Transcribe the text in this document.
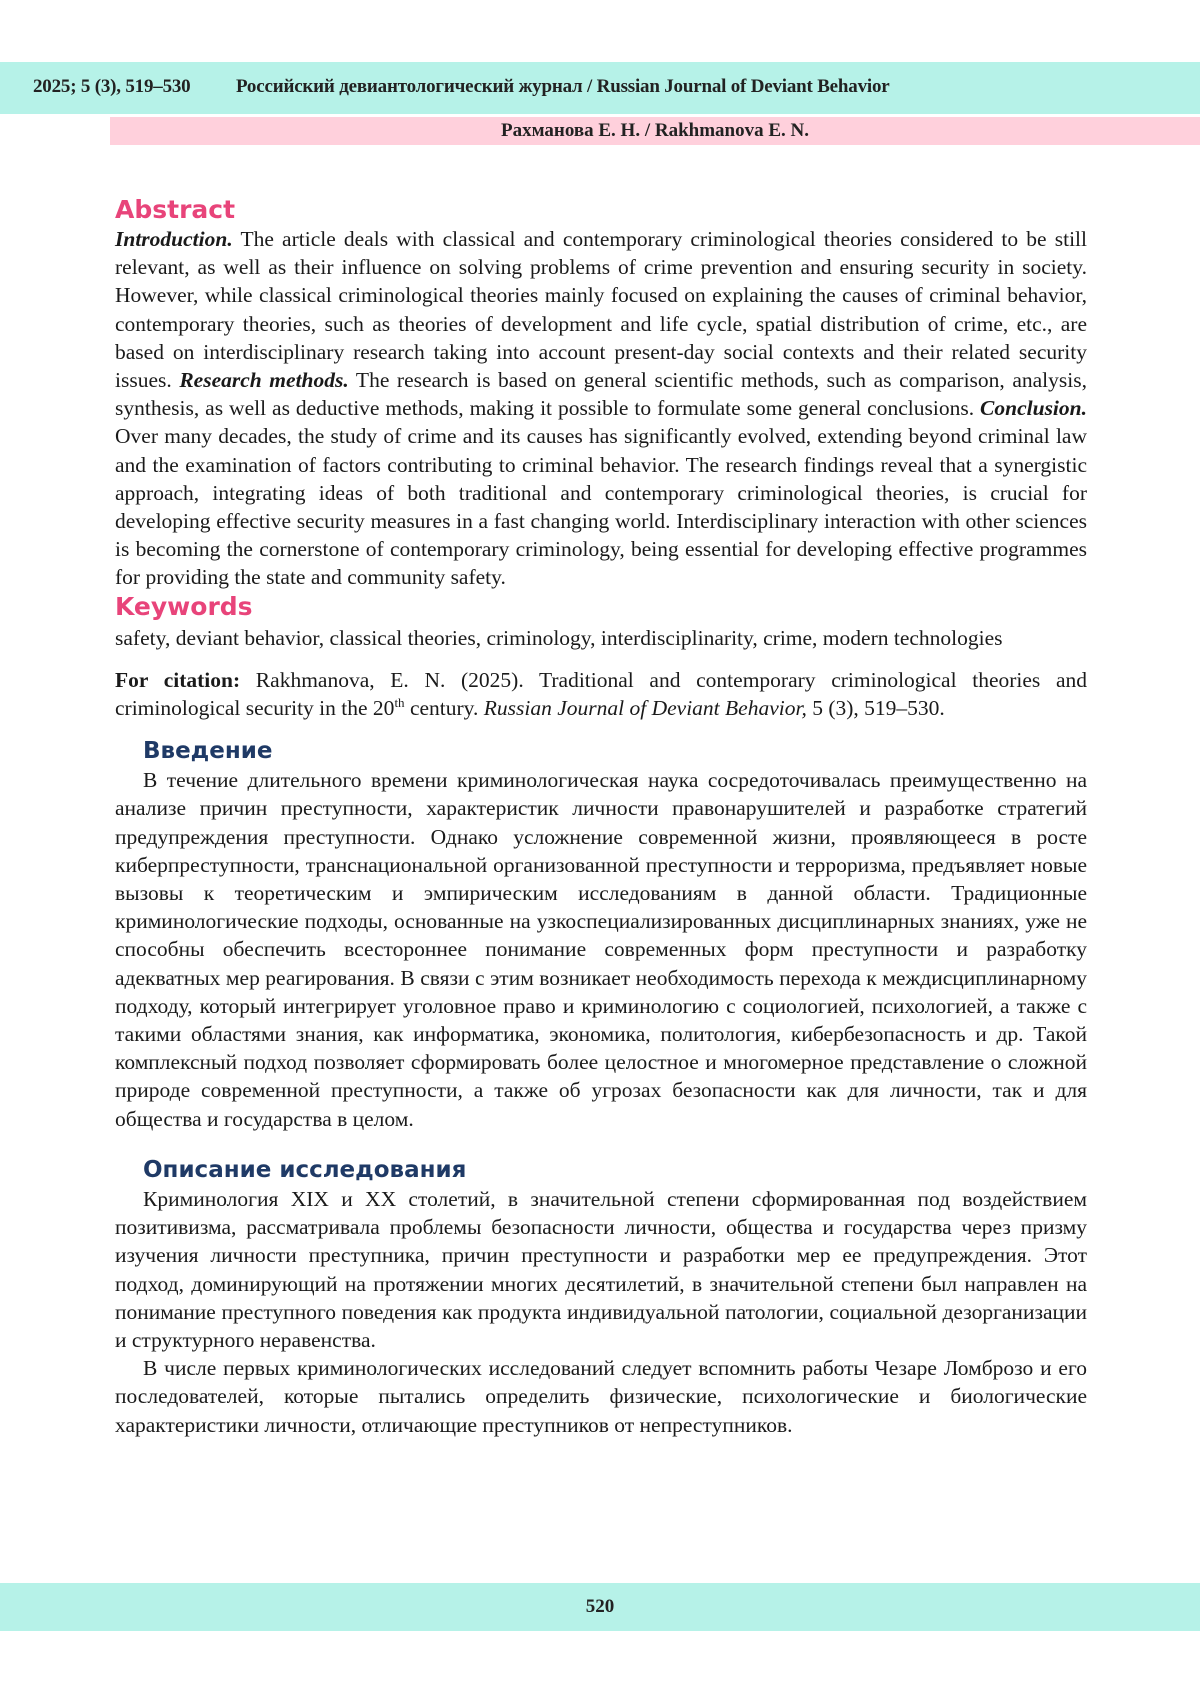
2025; 5 (3), 519–530 Российский девиантологический журнал / Russian Journal of Deviant Behavior
Рахманова Е. Н. / Rakhmanova E. N.
Abstract

Introduction. The article deals with classical and contemporary criminological theories considered to be still relevant, as well as their influence on solving problems of crime prevention and ensuring security in society. However, while classical criminological theories mainly focused on explaining the causes of criminal behavior, contemporary theories, such as theories of development and life cycle, spatial distribution of crime, etc., are based on interdisciplinary research taking into account present-day social contexts and their related security issues. Research methods. The research is based on general scientific methods, such as comparison, analysis, synthesis, as well as deductive methods, making it possible to formulate some general conclusions. Conclusion. Over many decades, the study of crime and its causes has significantly evolved, extending beyond criminal law and the examination of factors contributing to criminal behavior. The research findings reveal that a synergistic approach, integrating ideas of both traditional and contemporary criminological theories, is crucial for developing effective security measures in a fast changing world. Interdisciplinary interaction with other sciences is becoming the cornerstone of contemporary criminology, being essential for developing effective programmes for providing the state and community safety.

Keywords

safety, deviant behavior, classical theories, criminology, interdisciplinarity, crime, modern technologies

For citation: Rakhmanova, E. N. (2025). Traditional and contemporary criminological theories and criminological security in the 20th century. Russian Journal of Deviant Behavior, 5 (3), 519–530.

Введение

В течение длительного времени криминологическая наука сосредоточивалась преимущественно на анализе причин преступности, характеристик личности правонарушителей и разработке стратегий предупреждения преступности. Однако усложнение современной жизни, проявляющееся в росте киберпреступности, транснациональной организованной преступности и терроризма, предъявляет новые вызовы к теоретическим и эмпирическим исследованиям в данной области. Традиционные криминологические подходы, основанные на узкоспециализированных дисциплинарных знаниях, уже не способны обеспечить всестороннее понимание современных форм преступности и разработку адекватных мер реагирования. В связи с этим возникает необходимость перехода к междисциплинарному подходу, который интегрирует уголовное право и криминологию с социологией, психологией, а также с такими областями знания, как информатика, экономика, политология, кибербезопасность и др. Такой комплексный подход позволяет сформировать более целостное и многомерное представление о сложной природе современной преступности, а также об угрозах безопасности как для личности, так и для общества и государства в целом.

Описание исследования

Криминология XIX и XX столетий, в значительной степени сформированная под воздействием позитивизма, рассматривала проблемы безопасности личности, общества и государства через призму изучения личности преступника, причин преступности и разработки мер ее предупреждения. Этот подход, доминирующий на протяжении многих десятилетий, в значительной степени был направлен на понимание преступного поведения как продукта индивидуальной патологии, социальной дезорганизации и структурного неравенства.

В числе первых криминологических исследований следует вспомнить работы Чезаре Ломброзо и его последователей, которые пытались определить физические, психологические и биологические характеристики личности, отличающие преступников от непреступников.

520
